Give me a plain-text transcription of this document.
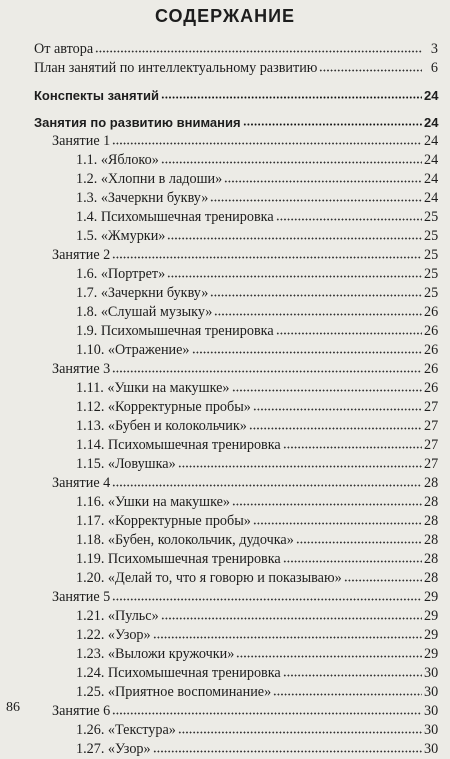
СОДЕРЖАНИЕ
От автора	3
План занятий по интеллектуальному развитию	6
Конспекты занятий	24
Занятия по развитию внимания	24
Занятие 1	24
1.1. «Яблоко»	24
1.2. «Хлопни в ладоши»	24
1.3. «Зачеркни букву»	24
1.4. Психомышечная тренировка	25
1.5. «Жмурки»	25
Занятие 2	25
1.6. «Портрет»	25
1.7. «Зачеркни букву»	25
1.8. «Слушай музыку»	26
1.9. Психомышечная тренировка	26
1.10. «Отражение»	26
Занятие 3	26
1.11. «Ушки на макушке»	26
1.12. «Корректурные пробы»	27
1.13. «Бубен и колокольчик»	27
1.14. Психомышечная тренировка	27
1.15. «Ловушка»	27
Занятие 4	28
1.16. «Ушки на макушке»	28
1.17. «Корректурные пробы»	28
1.18. «Бубен, колокольчик, дудочка»	28
1.19. Психомышечная тренировка	28
1.20. «Делай то, что я говорю и показываю»	28
Занятие 5	29
1.21. «Пульс»	29
1.22. «Узор»	29
1.23. «Выложи кружочки»	29
1.24. Психомышечная тренировка	30
1.25. «Приятное воспоминание»	30
Занятие 6	30
1.26. «Текстура»	30
1.27. «Узор»	30
86
